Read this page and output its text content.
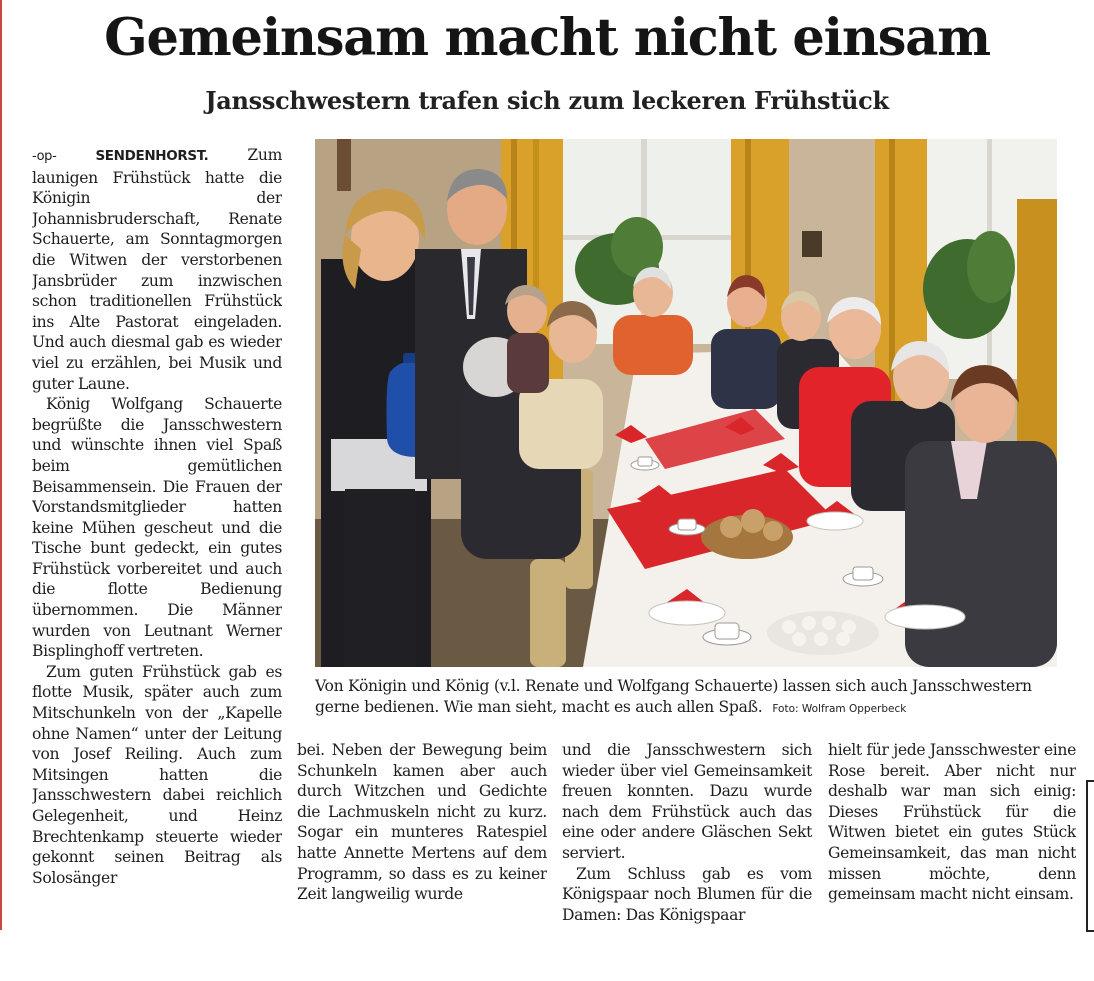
Gemeinsam macht nicht einsam
Jansschwestern trafen sich zum leckeren Frühstück

-op-	SENDENHORST.	Zum launigen Frühstück hatte die Königin der Johannisbruderschaft, Renate Schauerte, am Sonntagmorgen die Witwen der verstorbenen Jansbrüder zum inzwischen schon traditionellen Frühstück ins Alte Pastorat eingeladen. Und auch diesmal gab es wieder viel zu erzählen, bei Musik und guter Laune.

König Wolfgang Schauerte begrüßte die Jansschwestern und wünschte ihnen viel Spaß beim gemütlichen Beisammensein. Die Frauen der Vorstandsmitglieder hatten keine Mühen gescheut und die Tische bunt gedeckt, ein gutes Frühstück vorbereitet und auch die flotte Bedienung übernommen. Die Männer wurden von Leutnant Werner Bisplinghoff vertreten.

Zum guten Frühstück gab es flotte Musik, später auch zum Mitschunkeln von der „Kapelle ohne Namen“ unter der Leitung von Josef Reiling. Auch zum Mitsingen hatten die Jansschwestern dabei reichlich Gelegenheit, und Heinz Brechtenkamp steuerte wieder gekonnt seinen Beitrag als Solosänger

Von Königin und König (v.l. Renate und Wolfgang Schauerte) lassen sich auch Jansschwestern gerne bedienen. Wie man sieht, macht es auch allen Spaß. Foto: Wolfram Opperbeck

bei. Neben der Bewegung beim Schunkeln kamen aber auch durch Witzchen und Gedichte die Lachmuskeln nicht zu kurz. Sogar ein munteres Ratespiel hatte Annette Mertens auf dem Programm, so dass es zu keiner Zeit langweilig wurde

und die Jansschwestern sich wieder über viel Gemeinsamkeit freuen konnten. Dazu wurde nach dem Frühstück auch das eine oder andere Gläschen Sekt serviert.

Zum Schluss gab es vom Königspaar noch Blumen für die Damen: Das Königspaar

hielt für jede Jansschwester eine Rose bereit. Aber nicht nur deshalb war man sich einig: Dieses Frühstück für die Witwen bietet ein gutes Stück Gemeinsamkeit, das man nicht missen möchte, denn gemeinsam macht nicht einsam.
